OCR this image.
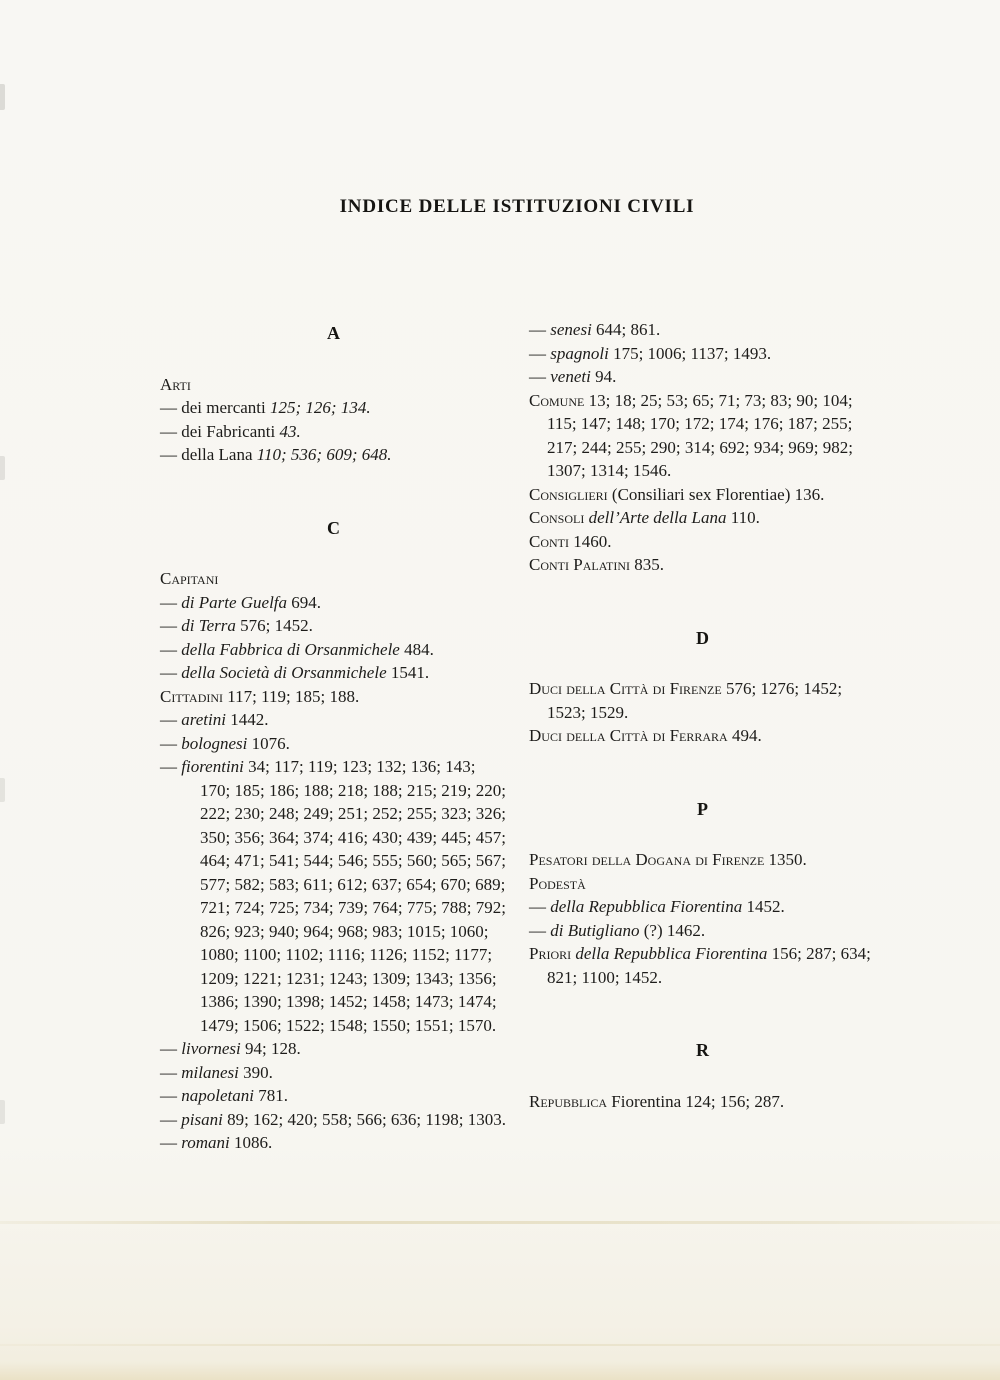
INDICE DELLE ISTITUZIONI CIVILI
A

Arti

— dei mercanti 125; 126; 134.

— dei Fabricanti 43.

— della Lana 110; 536; 609; 648.

C

Capitani

— di Parte Guelfa 694.

— di Terra 576; 1452.

— della Fabbrica di Orsanmichele 484.

— della Società di Orsanmichele 1541.

Cittadini 117; 119; 185; 188.

— aretini 1442.

— bolognesi 1076.

— fiorentini 34; 117; 119; 123; 132; 136; 143; 170; 185; 186; 188; 218; 188; 215; 219; 220; 222; 230; 248; 249; 251; 252; 255; 323; 326; 350; 356; 364; 374; 416; 430; 439; 445; 457; 464; 471; 541; 544; 546; 555; 560; 565; 567; 577; 582; 583; 611; 612; 637; 654; 670; 689; 721; 724; 725; 734; 739; 764; 775; 788; 792; 826; 923; 940; 964; 968; 983; 1015; 1060; 1080; 1100; 1102; 1116; 1126; 1152; 1177; 1209; 1221; 1231; 1243; 1309; 1343; 1356; 1386; 1390; 1398; 1452; 1458; 1473; 1474; 1479; 1506; 1522; 1548; 1550; 1551; 1570.

— livornesi 94; 128.

— milanesi 390.

— napoletani 781.

— pisani 89; 162; 420; 558; 566; 636; 1198; 1303.

— romani 1086.

— senesi 644; 861.

— spagnoli 175; 1006; 1137; 1493.

— veneti 94.

Comune 13; 18; 25; 53; 65; 71; 73; 83; 90; 104; 115; 147; 148; 170; 172; 174; 176; 187; 255; 217; 244; 255; 290; 314; 692; 934; 969; 982; 1307; 1314; 1546.

Consiglieri (Consiliari sex Florentiae) 136.

Consoli dell’Arte della Lana 110.

Conti 1460.

Conti Palatini 835.

D

Duci della Città di Firenze 576; 1276; 1452; 1523; 1529.

Duci della Città di Ferrara 494.

P

Pesatori della Dogana di Firenze 1350.

Podestà

— della Repubblica Fiorentina 1452.

— di Butigliano (?) 1462.

Priori della Repubblica Fiorentina 156; 287; 634; 821; 1100; 1452.

R

Repubblica Fiorentina 124; 156; 287.
